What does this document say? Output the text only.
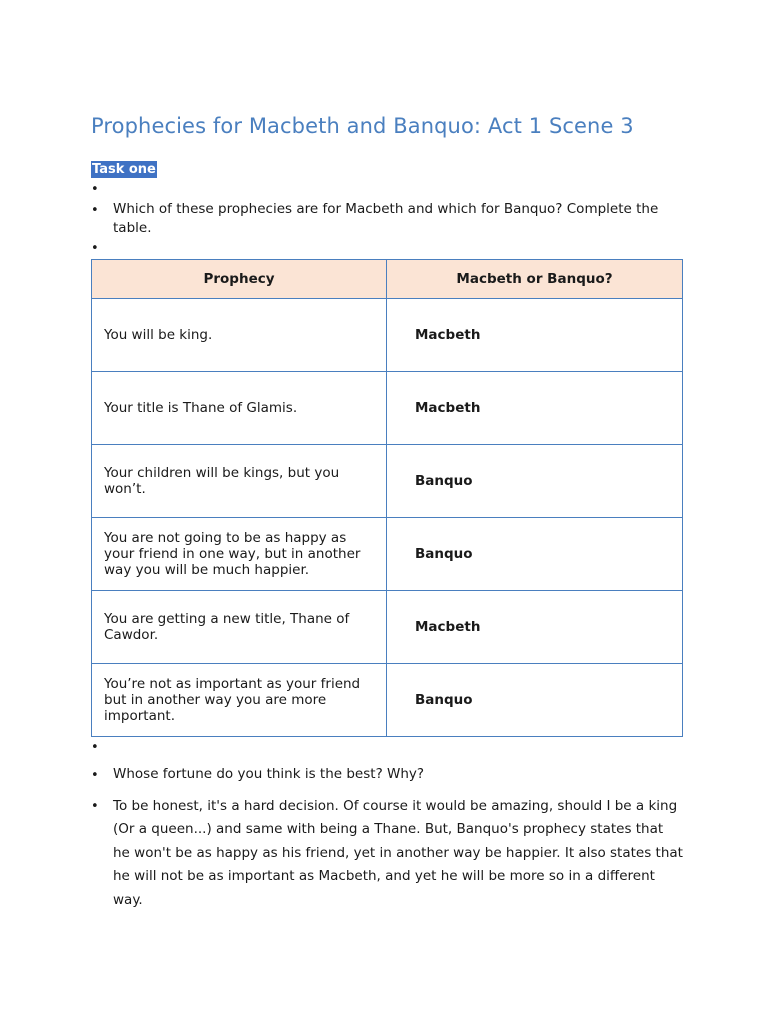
Prophecies for Macbeth and Banquo: Act 1 Scene 3
Task one
•
• Which of these prophecies are for Macbeth and which for Banquo? Complete the table.
•
Prophecy	Macbeth or Banquo?
You will be king.	Macbeth
Your title is Thane of Glamis.	Macbeth
Your children will be kings, but you won’t.	Banquo
You are not going to be as happy as your friend in one way, but in another way you will be much happier.	Banquo
You are getting a new title, Thane of Cawdor.	Macbeth
You’re not as important as your friend but in another way you are more important.	Banquo
•
• Whose fortune do you think is the best? Why?
• To be honest, it's a hard decision. Of course it would be amazing, should I be a king (Or a queen...) and same with being a Thane. But, Banquo's prophecy states that he won't be as happy as his friend, yet in another way be happier. It also states that he will not be as important as Macbeth, and yet he will be more so in a different way.
